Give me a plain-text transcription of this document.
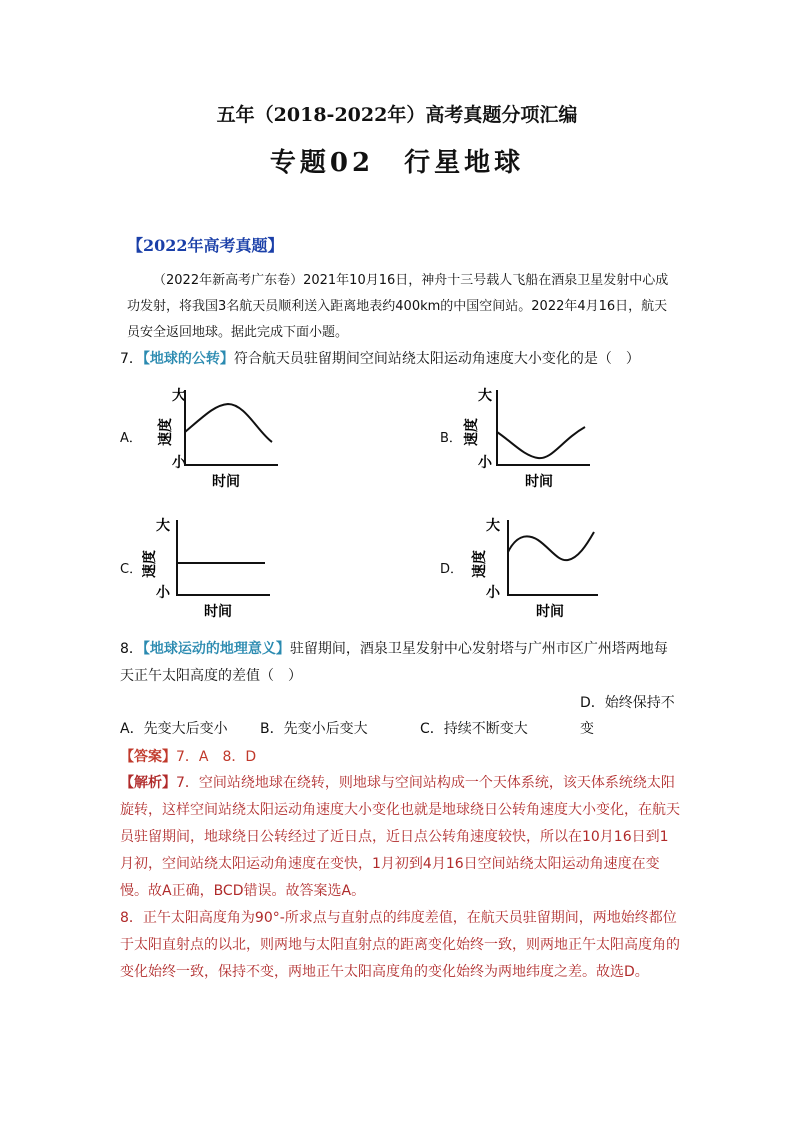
五年（2018-2022年）高考真题分项汇编
专题02　行星地球
【2022年高考真题】
（2022年新高考广东卷）2021年10月16日，神舟十三号载人飞船在酒泉卫星发射中心成功发射，将我国3名航天员顺利送入距离地表约400km的中国空间站。2022年4月16日，航天员安全返回地球。据此完成下面小题。
7．【地球的公转】符合航天员驻留期间空间站绕太阳运动角速度大小变化的是（　）
A．
大
小
速度
时间
B．
大
小
速度
时间
C．
大
小
速度
时间
D．
大
小
速度
时间
8．【地球运动的地理意义】驻留期间，酒泉卫星发射中心发射塔与广州市区广州塔两地每天正午太阳高度的差值（　）
A．先变大后变小 B．先变小后变大	C．持续不断变大D．始终保持不变
【答案】7．A　8．D
【解析】7．空间站绕地球在绕转，则地球与空间站构成一个天体系统，该天体系统绕太阳旋转，这样空间站绕太阳运动角速度大小变化也就是地球绕日公转角速度大小变化，在航天员驻留期间，地球绕日公转经过了近日点，近日点公转角速度较快，所以在10月16日到1月初，空间站绕太阳运动角速度在变快，1月初到4月16日空间站绕太阳运动角速度在变慢。故A正确，BCD错误。故答案选A。
8．正午太阳高度角为90°-所求点与直射点的纬度差值，在航天员驻留期间，两地始终都位于太阳直射点的以北，则两地与太阳直射点的距离变化始终一致，则两地正午太阳高度角的变化始终一致，保持不变，两地正午太阳高度角的变化始终为两地纬度之差。故选D。
